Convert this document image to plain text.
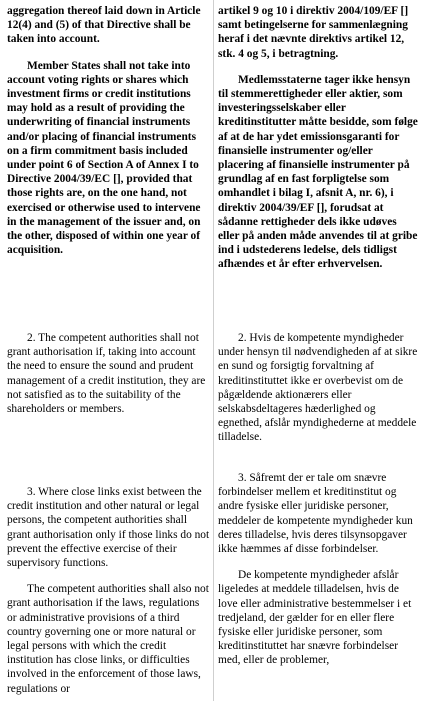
aggregation thereof laid down in Article 12(4) and (5) of that Directive shall be taken into account.

Member States shall not take into account voting rights or shares which investment firms or credit institutions may hold as a result of providing the underwriting of financial instruments and/or placing of financial instruments on a firm commitment basis included under point 6 of Section A of Annex I to Directive 2004/39/EC [], provided that those rights are, on the one hand, not exercised or otherwise used to intervene in the management of the issuer and, on the other, disposed of within one year of acquisition.

2. The competent authorities shall not grant authorisation if, taking into account the need to ensure the sound and prudent management of a credit institution, they are not satisfied as to the suitability of the shareholders or members.

3. Where close links exist between the credit institution and other natural or legal persons, the competent authorities shall grant authorisation only if those links do not prevent the effective exercise of their supervisory functions.

The competent authorities shall also not grant authorisation if the laws, regulations or administrative provisions of a third country governing one or more natural or legal persons with which the credit institution has close links, or difficulties involved in the enforcement of those laws, regulations or

artikel 9 og 10 i direktiv 2004/109/EF [] samt betingelserne for sammenlægning heraf i det nævnte direktivs artikel 12, stk. 4 og 5, i betragtning.

Medlemsstaterne tager ikke hensyn til stemmerettigheder eller aktier, som investeringsselskaber eller kreditinstitutter måtte besidde, som følge af at de har ydet emissionsgaranti for finansielle instrumenter og/eller placering af finansielle instrumenter på grundlag af en fast forpligtelse som omhandlet i bilag I, afsnit A, nr. 6), i direktiv 2004/39/EF [], forudsat at sådanne rettigheder dels ikke udøves eller på anden måde anvendes til at gribe ind i udstederens ledelse, dels tidligst afhændes et år efter erhvervelsen.

2. Hvis de kompetente myndigheder under hensyn til nødvendigheden af at sikre en sund og forsigtig forvaltning af kreditinstituttet ikke er overbevist om de pågældende aktionærers eller selskabsdeltageres hæderlighed og egnethed, afslår myndighederne at meddele tilladelse.

3. Såfremt der er tale om snævre forbindelser mellem et kreditinstitut og andre fysiske eller juridiske personer, meddeler de kompetente myndigheder kun deres tilladelse, hvis deres tilsynsopgaver ikke hæmmes af disse forbindelser.

De kompetente myndigheder afslår ligeledes at meddele tilladelsen, hvis de love eller administrative bestemmelser i et tredjeland, der gælder for en eller flere fysiske eller juridiske personer, som kreditinstituttet har snævre forbindelser med, eller de problemer,
